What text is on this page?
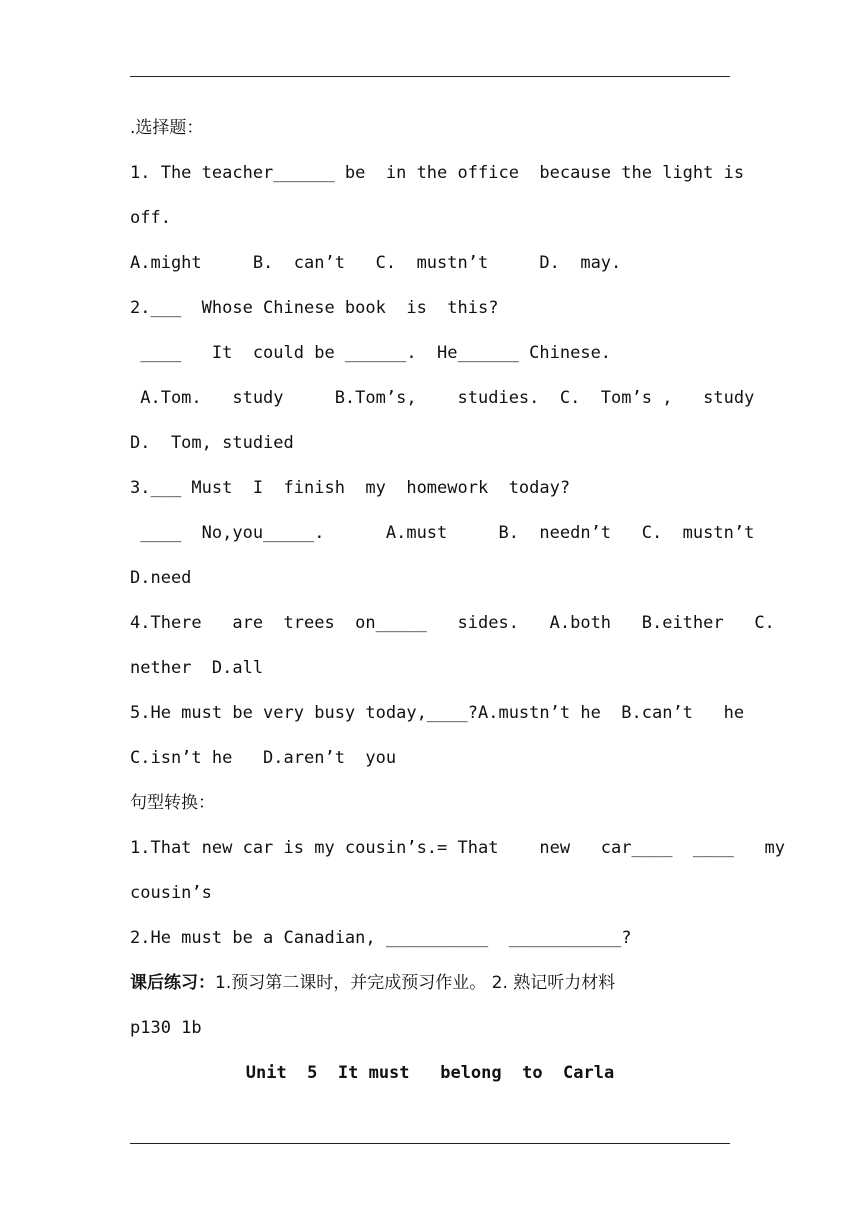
.选择题：
1. The teacher______ be  in the office  because the light is
off.
A.might     B.  can’t   C.  mustn’t     D.  may.
2.___  Whose Chinese book  is  this?
____   It  could be ______.  He______ Chinese.
A.Tom.   study     B.Tom’s,    studies.  C.  Tom’s ,   study
D.  Tom, studied
3.___ Must  I  finish  my  homework  today?
____  No,you_____.      A.must     B.  needn’t   C.  mustn’t
D.need
4.There   are  trees  on_____   sides.   A.both   B.either   C.
nether  D.all
5.He must be very busy today,____?A.mustn’t he  B.can’t   he
C.isn’t he   D.aren’t  you
句型转换：
1.That new car is my cousin’s.= That    new   car____  ____   my
cousin’s
2.He must be a Canadian, __________  ___________?
课后练习：1.预习第二课时，并完成预习作业。 2. 熟记听力材料
p130 1b
Unit  5  It must   belong  to  Carla
